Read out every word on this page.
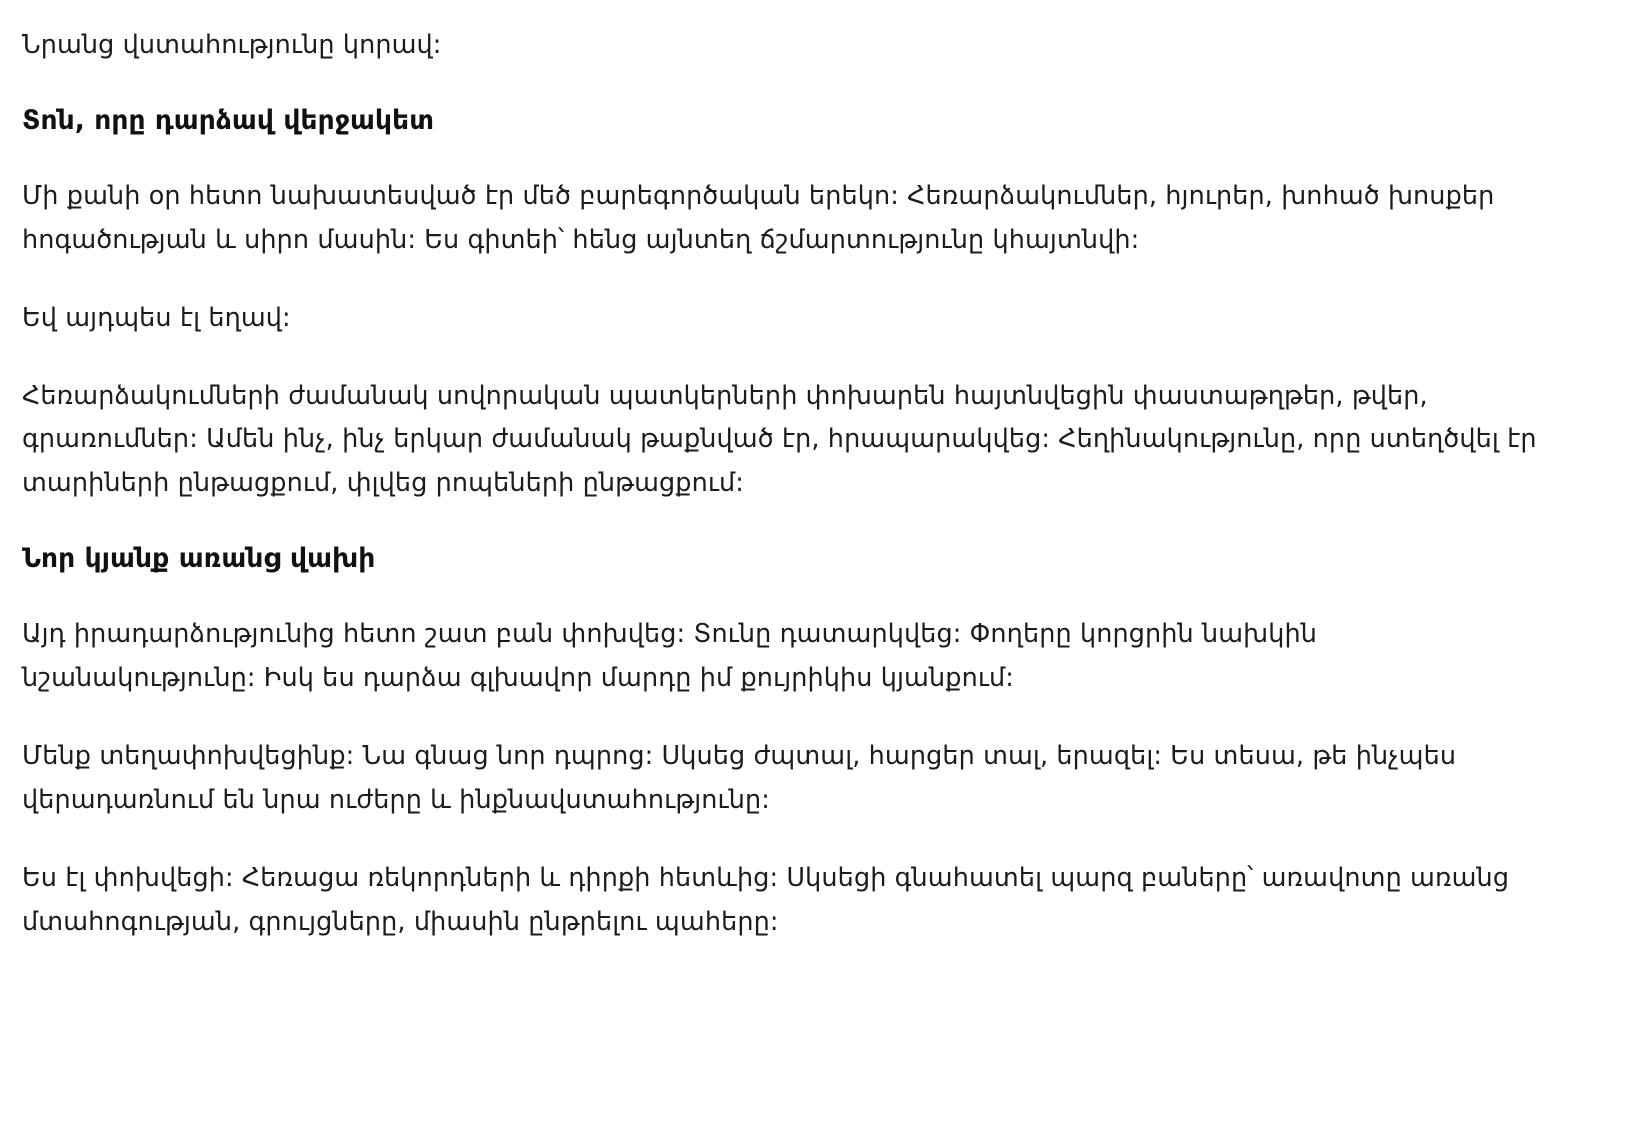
Նրանց վստահությունը կորավ:

Տոն, որը դարձավ վերջակետ

Մի քանի օր հետո նախատեսված էր մեծ բարեգործական երեկո: Հեռարձակումներ, հյուրեր, խոհած խոսքեր հոգածության և սիրո մասին: Ես գիտեի՝ հենց այնտեղ ճշմարտությունը կհայտնվի:

Եվ այդպես էլ եղավ:

Հեռարձակումների ժամանակ սովորական պատկերների փոխարեն հայտնվեցին փաստաթղթեր, թվեր, գրառումներ: Ամեն ինչ, ինչ երկար ժամանակ թաքնված էր, հրապարակվեց: Հեղինակությունը, որը ստեղծվել էր տարիների ընթացքում, փլվեց րոպեների ընթացքում:

Նոր կյանք առանց վախի

Այդ իրադարձությունից հետո շատ բան փոխվեց: Տունը դատարկվեց: Փողերը կորցրին նախկին նշանակությունը: Իսկ ես դարձա գլխավոր մարդը իմ քույրիկիս կյանքում:

Մենք տեղափոխվեցինք: Նա գնաց նոր դպրոց: Սկսեց ժպտալ, հարցեր տալ, երազել: Ես տեսա, թե ինչպես վերադառնում են նրա ուժերը և ինքնավստահությունը:

Ես էլ փոխվեցի: Հեռացա ռեկորդների և դիրքի հետևից: Սկսեցի գնահատել պարզ բաները՝ առավոտը առանց մտահոգության, գրույցները, միասին ընթրելու պահերը:
